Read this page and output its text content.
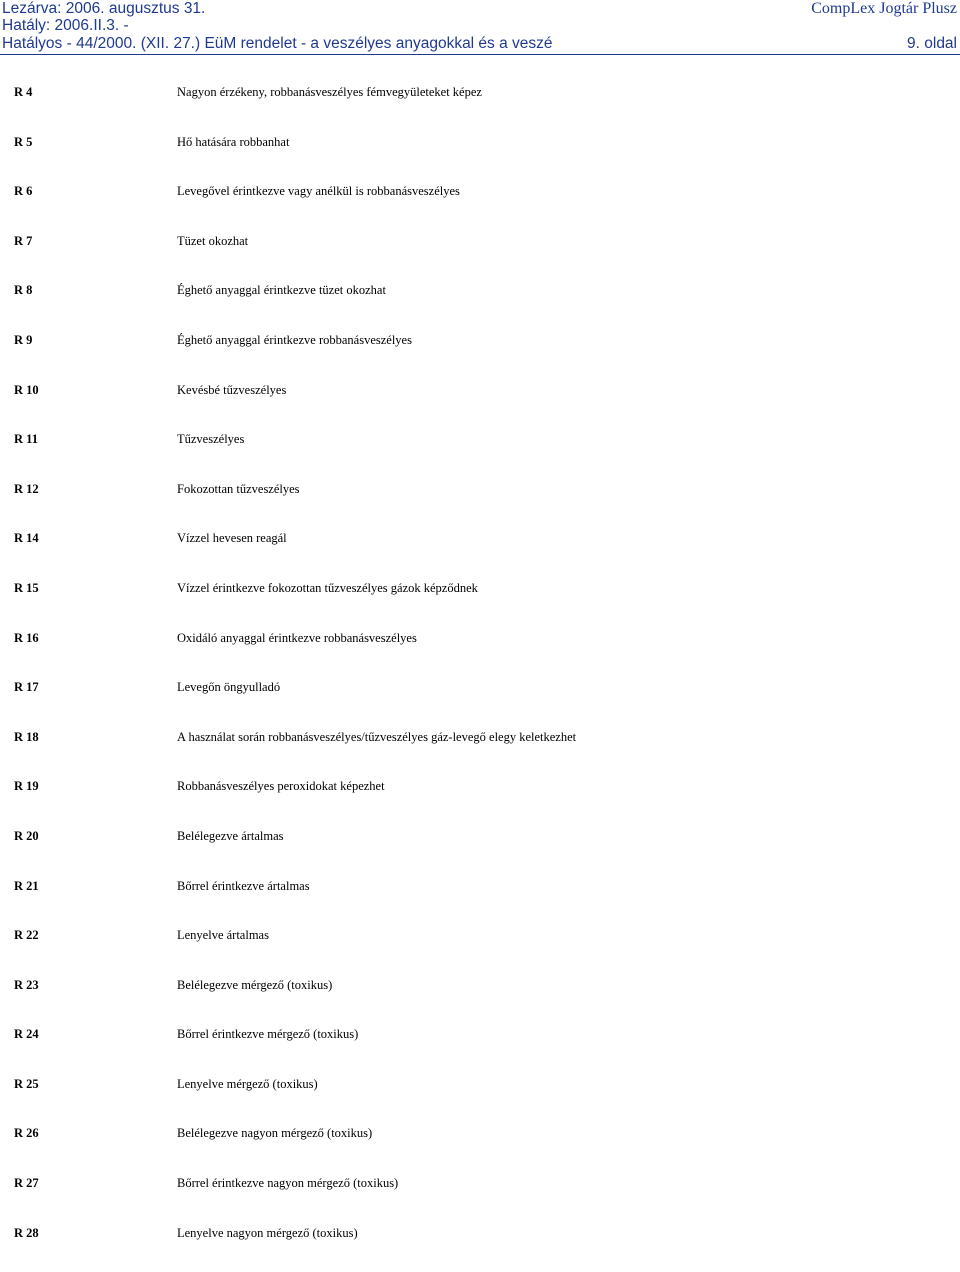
Lezárva: 2006. augusztus 31.
Hatály: 2006.II.3. -
Hatályos - 44/2000. (XII. 27.) EüM rendelet - a veszélyes anyagokkal és a veszé
CompLex Jogtár Plusz
9. oldal
R 4	Nagyon érzékeny, robbanásveszélyes fémvegyületeket képez
R 5	Hő hatására robbanhat
R 6	Levegővel érintkezve vagy anélkül is robbanásveszélyes
R 7	Tüzet okozhat
R 8	Éghető anyaggal érintkezve tüzet okozhat
R 9	Éghető anyaggal érintkezve robbanásveszélyes
R 10	Kevésbé tűzveszélyes
R 11	Tűzveszélyes
R 12	Fokozottan tűzveszélyes
R 14	Vízzel hevesen reagál
R 15	Vízzel érintkezve fokozottan tűzveszélyes gázok képződnek
R 16	Oxidáló anyaggal érintkezve robbanásveszélyes
R 17	Levegőn öngyulladó
R 18	A használat során robbanásveszélyes/tűzveszélyes gáz-levegő elegy keletkezhet
R 19	Robbanásveszélyes peroxidokat képezhet
R 20	Belélegezve ártalmas
R 21	Bőrrel érintkezve ártalmas
R 22	Lenyelve ártalmas
R 23	Belélegezve mérgező (toxikus)
R 24	Bőrrel érintkezve mérgező (toxikus)
R 25	Lenyelve mérgező (toxikus)
R 26	Belélegezve nagyon mérgező (toxikus)
R 27	Bőrrel érintkezve nagyon mérgező (toxikus)
R 28	Lenyelve nagyon mérgező (toxikus)
